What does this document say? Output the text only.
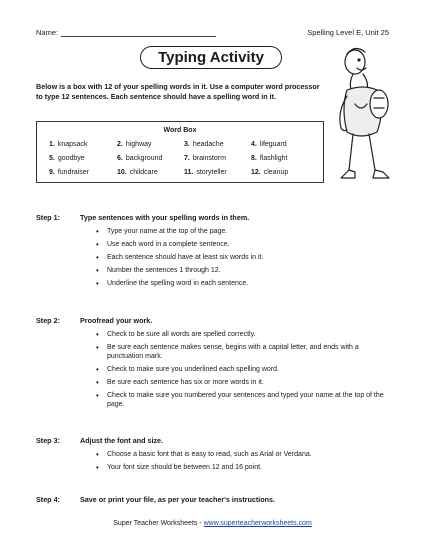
Name:	Spelling Level E, Unit 25
Typing Activity
Below is a box with 12 of your spelling words in it. Use a computer word processor to type 12 sentences. Each sentence should have a spelling word in it.
Word Box
1. knapsack	2. highway	3. headache	4. lifeguard
5. goodbye	6. background	7. brainstorm	8. flashlight
9. fundraiser	10. childcare	11. storyteller	12. cleanup
Step 1:	Type sentences with your spelling words in them.
• Type your name at the top of the page.
• Use each word in a complete sentence.
• Each sentence should have at least six words in it.
• Number the sentences 1 through 12.
• Underline the spelling word in each sentence.
Step 2:	Proofread your work.
• Check to be sure all words are spelled correctly.
• Be sure each sentence makes sense, begins with a capital letter, and ends with a punctuation mark.
• Check to make sure you underlined each spelling word.
• Be sure each sentence has six or more words in it.
• Check to make sure you numbered your sentences and typed your name at the top of the page.
Step 3:	Adjust the font and size.
• Choose a basic font that is easy to read, such as Arial or Verdana.
• Your font size should be between 12 and 16 point.
Step 4:	Save or print your file, as per your teacher's instructions.
Super Teacher Worksheets - www.superteacherworksheets.com
